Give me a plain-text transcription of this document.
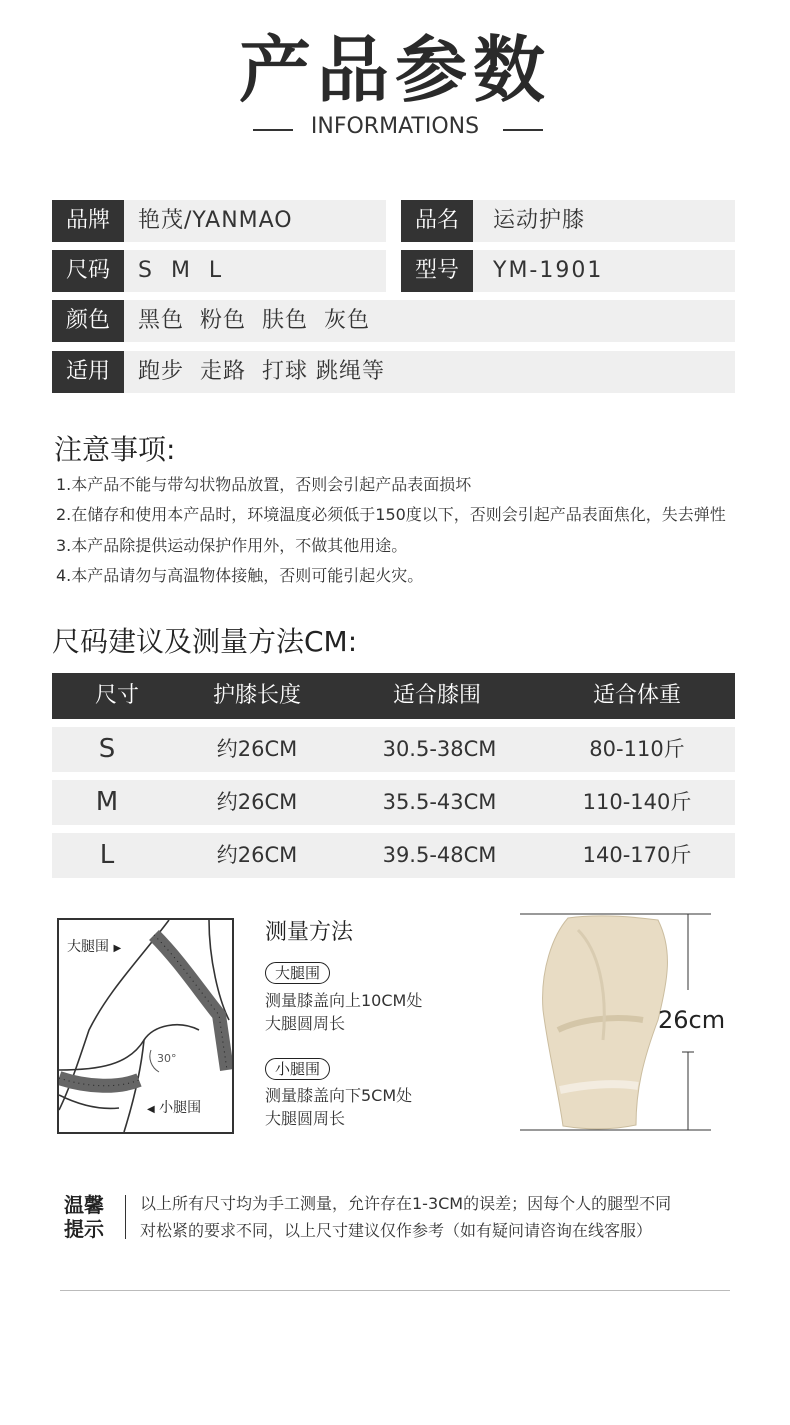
产品参数
INFORMATIONS
品牌	艳茂/YANMAO	品名	运动护膝
尺码	S M L	型号	YM-1901
颜色	黑色  粉色  肤色  灰色
适用	跑步  走路  打球 跳绳等
注意事项:
1.本产品不能与带勾状物品放置，否则会引起产品表面损坏
2.在储存和使用本产品时，环境温度必须低于150度以下，否则会引起产品表面焦化，失去弹性
3.本产品除提供运动保护作用外，不做其他用途。
4.本产品请勿与高温物体接触，否则可能引起火灾。
尺码建议及测量方法CM:
尺寸	护膝长度	适合膝围	适合体重
S	约26CM	30.5-38CM	80-110斤
M	约26CM	35.5-43CM	110-140斤
L	约26CM	39.5-48CM	140-170斤
大腿围 ▶
30°
◀ 小腿围
测量方法
大腿围
测量膝盖向上10CM处
大腿圆周长
小腿围
测量膝盖向下5CM处
大腿圆周长
26cm
温馨
提示
以上所有尺寸均为手工测量，允许存在1-3CM的误差；因每个人的腿型不同
对松紧的要求不同，以上尺寸建议仅作参考（如有疑问请咨询在线客服）
